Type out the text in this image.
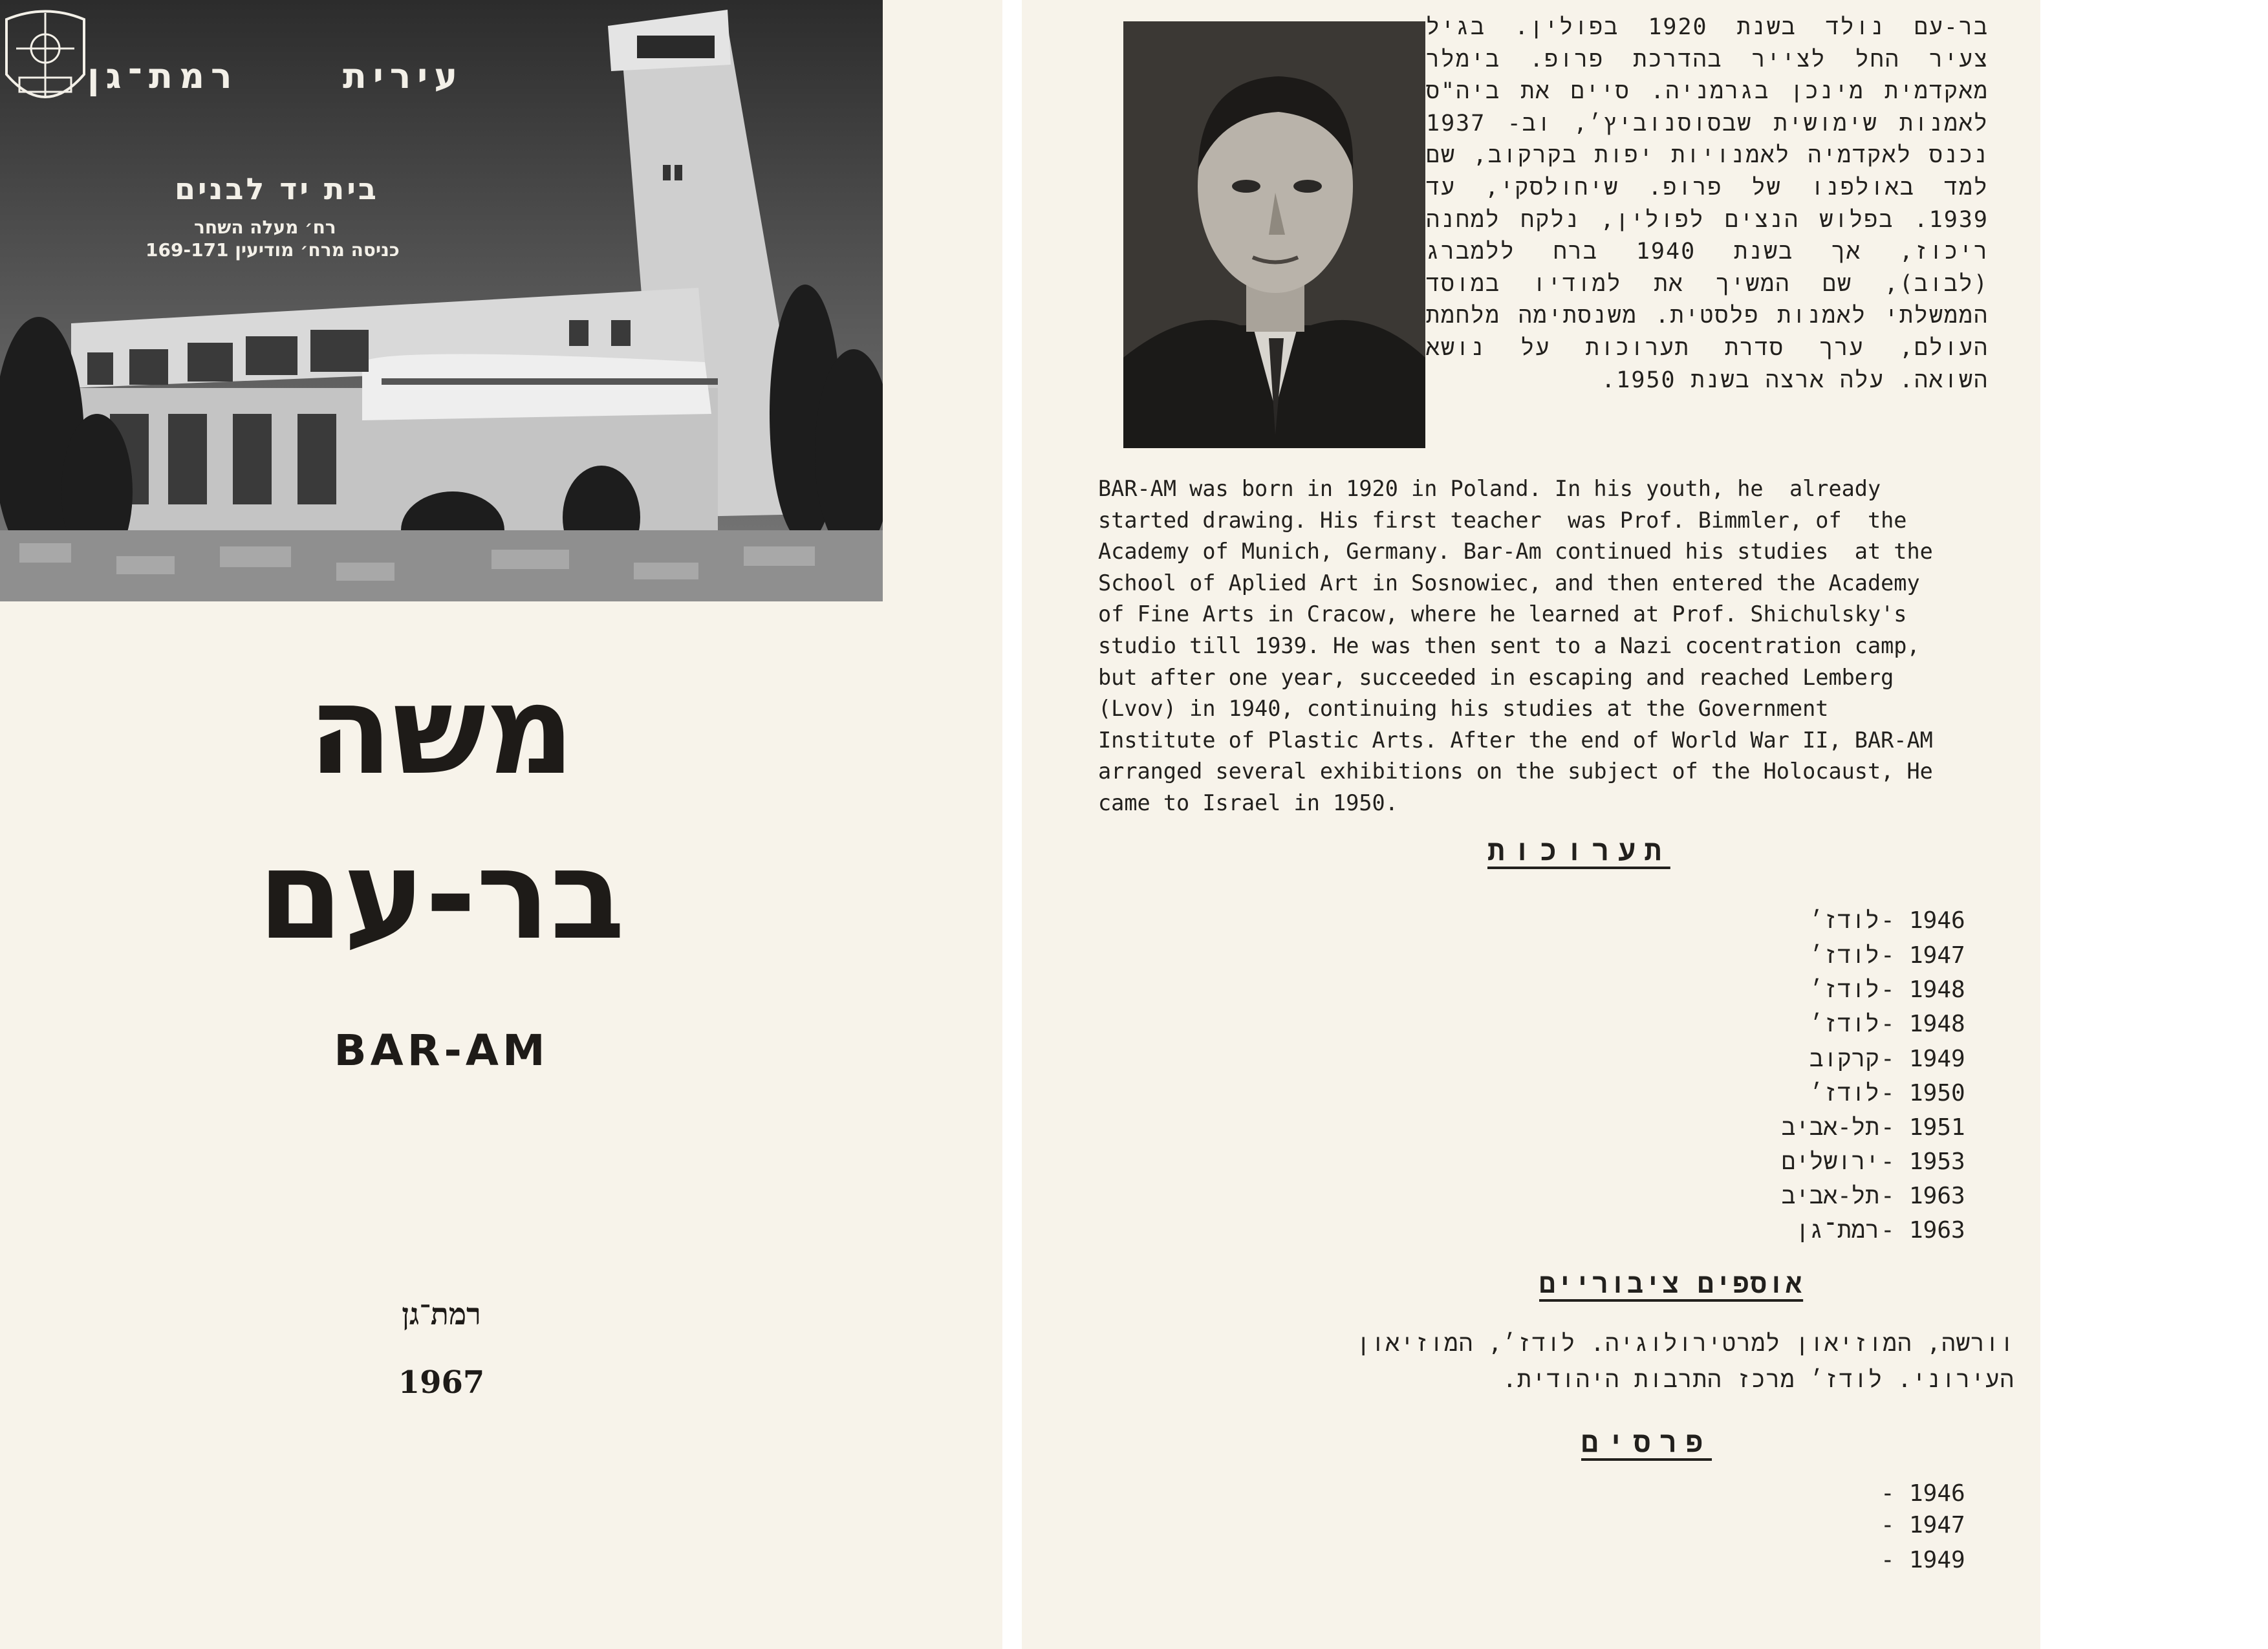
עירית
רמת־גן
בית יד לבנים
רח׳ מעלה השחר
כניסה מרח׳ מודיעין 169-171
משה
בר-עם
BAR-AM
רמת־גן
1967
בר-עם נולד בשנת 1920 בפולין. בגיל צעיר החל לצייר בהדרכת פרופ. בימלר מאקדמית מינכן בגרמניה. סיים את ביה"ס לאמנות שימושית שבסוסנוביץ׳, וב- 1937 נכנס לאקדמיה לאמנויות יפות בקרקוב, שם למד באולפנו של פרופ. שיחולסקי, עד 1939. בפלוש הנצים לפולין, נלקח למחנה ריכוז, אך בשנת 1940 ברח ללמברג (לבוב), שם המשיך את למודיו במוסד הממשלתי לאמנות פלסטית. משנסתימה מלחמת העולם, ערך סדרת תערוכות על נושא השואה. עלה ארצה בשנת 1950.
BAR-AM was born in 1920 in Poland. In his youth, he  already
started drawing. His first teacher  was Prof. Bimmler, of  the
Academy of Munich, Germany. Bar-Am continued his studies  at the
School of Aplied Art in Sosnowiec, and then entered the Academy
of Fine Arts in Cracow, where he learned at Prof. Shichulsky's
studio till 1939. He was then sent to a Nazi cocentration camp,
but after one year, succeeded in escaping and reached Lemberg
(Lvov) in 1940, continuing his studies at the Government
Institute of Plastic Arts. After the end of World War II, BAR-AM
arranged several exhibitions on the subject of the Holocaust, He
came to Israel in 1950.
תערוכות
1946
-
לודז׳
1947
-
לודז׳
1948
-
לודז׳
1948
-
לודז׳
1949
-
קרקוב
1950
-
לודז׳
1951
-
תל-אביב
1953
-
ירושלים
1963
-
תל-אביב
1963
-
רמת־גן
אוספים ציבוריים
וורשה, המוזיאון למרטירולוגיה. לודז׳, המוזיאון
העירוני. לודז׳ מרכז התרבות היהודית.
פרסים
1946
-
1947
-
1949
-
